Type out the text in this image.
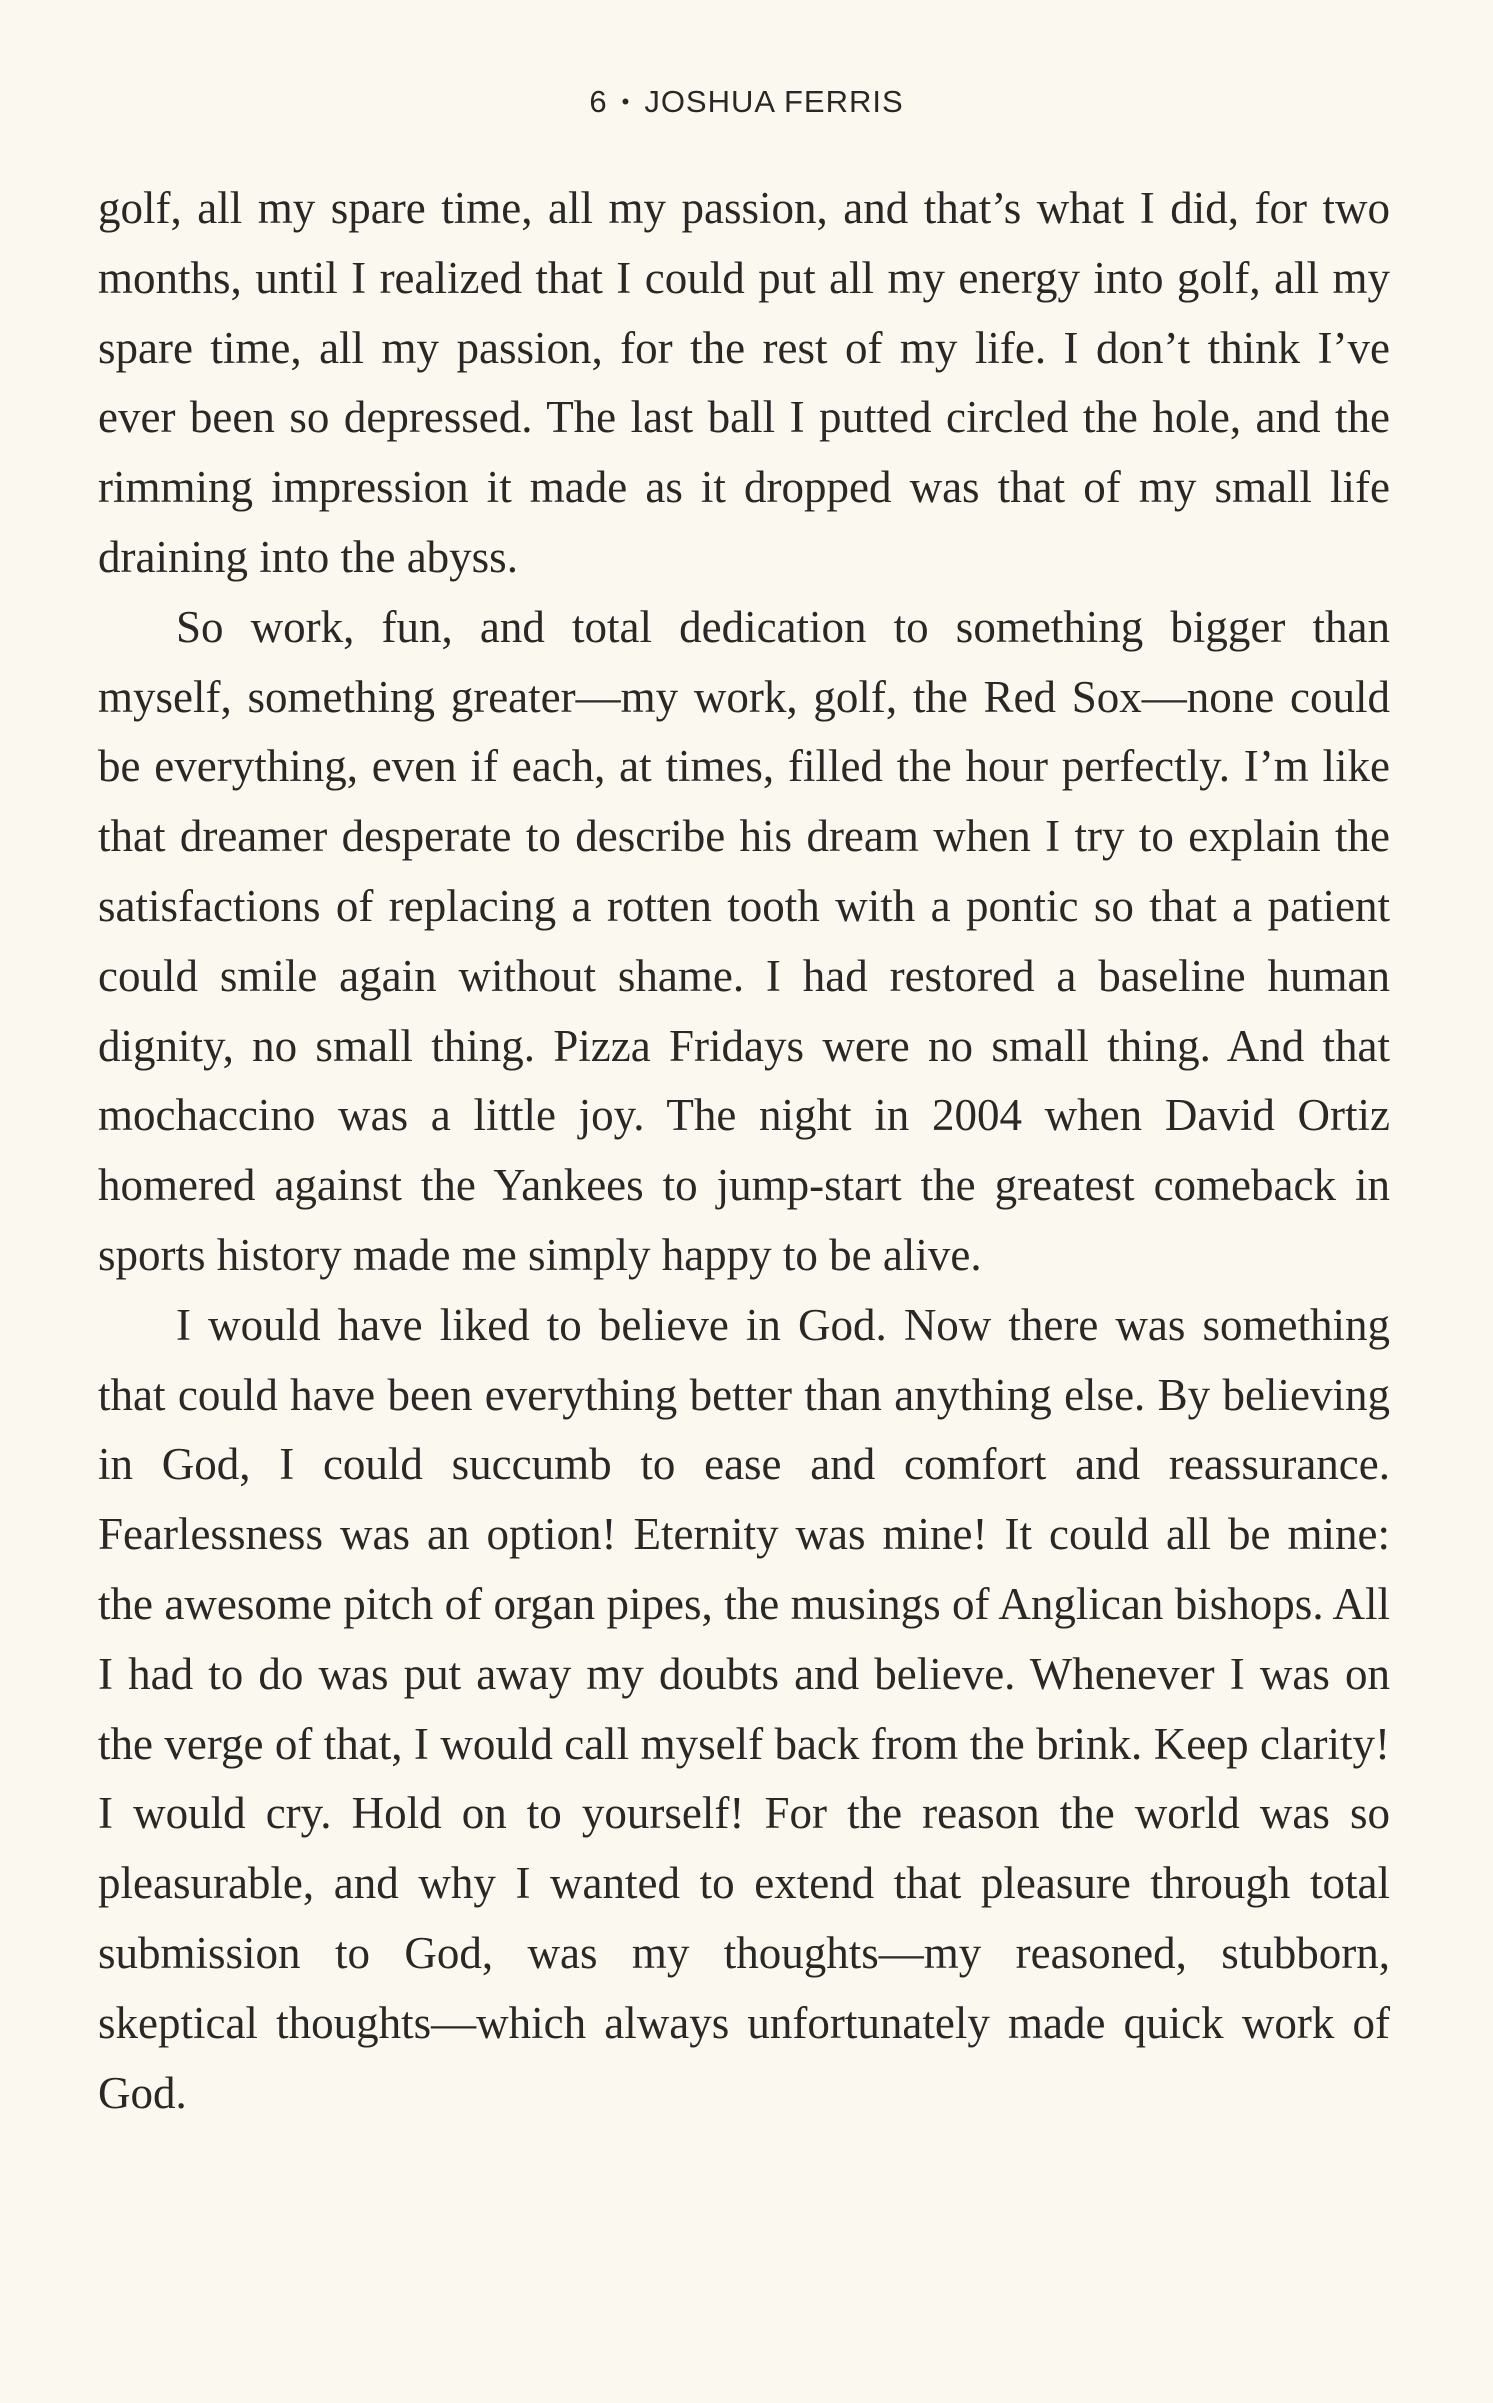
6 • JOSHUA FERRIS

golf, all my spare time, all my passion, and that’s what I did, for two months, until I realized that I could put all my energy into golf, all my spare time, all my passion, for the rest of my life. I don’t think I’ve ever been so depressed. The last ball I putted circled the hole, and the rimming impression it made as it dropped was that of my small life draining into the abyss.

So work, fun, and total dedication to something bigger than myself, something greater—my work, golf, the Red Sox—none could be everything, even if each, at times, filled the hour perfectly. I’m like that dreamer desperate to describe his dream when I try to explain the satisfactions of replacing a rotten tooth with a pontic so that a patient could smile again without shame. I had restored a baseline human dignity, no small thing. Pizza Fridays were no small thing. And that mochaccino was a little joy. The night in 2004 when David Ortiz homered against the Yankees to jump-start the greatest comeback in sports history made me simply happy to be alive.

I would have liked to believe in God. Now there was something that could have been everything better than anything else. By believing in God, I could succumb to ease and comfort and reassurance. Fearlessness was an option! Eternity was mine! It could all be mine: the awesome pitch of organ pipes, the musings of Anglican bishops. All I had to do was put away my doubts and believe. Whenever I was on the verge of that, I would call myself back from the brink. Keep clarity! I would cry. Hold on to yourself! For the reason the world was so pleasurable, and why I wanted to extend that pleasure through total submission to God, was my thoughts—my reasoned, stubborn, skeptical thoughts—which always unfortunately made quick work of God.
